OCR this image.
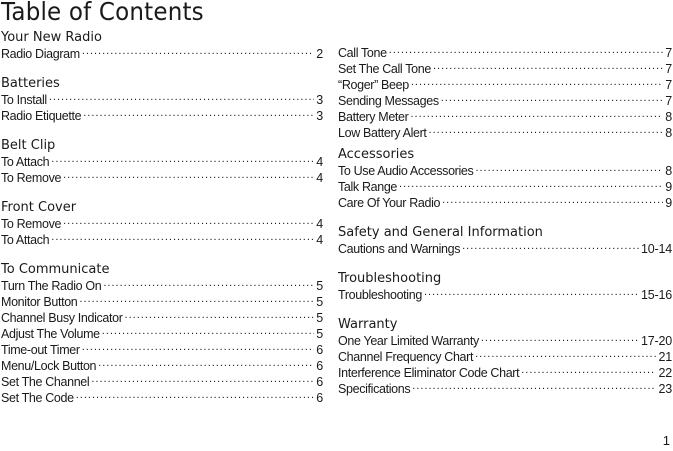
Table of Contents
Your New Radio
Radio Diagram .....	2
Batteries
To Install .....	3
Radio Etiquette .....	3
Belt Clip
To Attach .....	4
To Remove .....	4
Front Cover
To Remove .....	4
To Attach .....	4
To Communicate
Turn The Radio On .....	5
Monitor Button .....	5
Channel Busy Indicator .....	5
Adjust The Volume .....	5
Time-out Timer .....	6
Menu/Lock Button .....	6
Set The Channel .....	6
Set The Code .....	6
Call Tone .....	7
Set The Call Tone .....	7
“Roger” Beep .....	7
Sending Messages .....	7
Battery Meter .....	8
Low Battery Alert .....	8
Accessories
To Use Audio Accessories .....	8
Talk Range .....	9
Care Of Your Radio .....	9
Safety and General Information
Cautions and Warnings .....	10-14
Troubleshooting
Troubleshooting .....	15-16
Warranty
One Year Limited Warranty .....	17-20
Channel Frequency Chart .....	21
Interference Eliminator Code Chart .....	22
Specifications .....	23
1
